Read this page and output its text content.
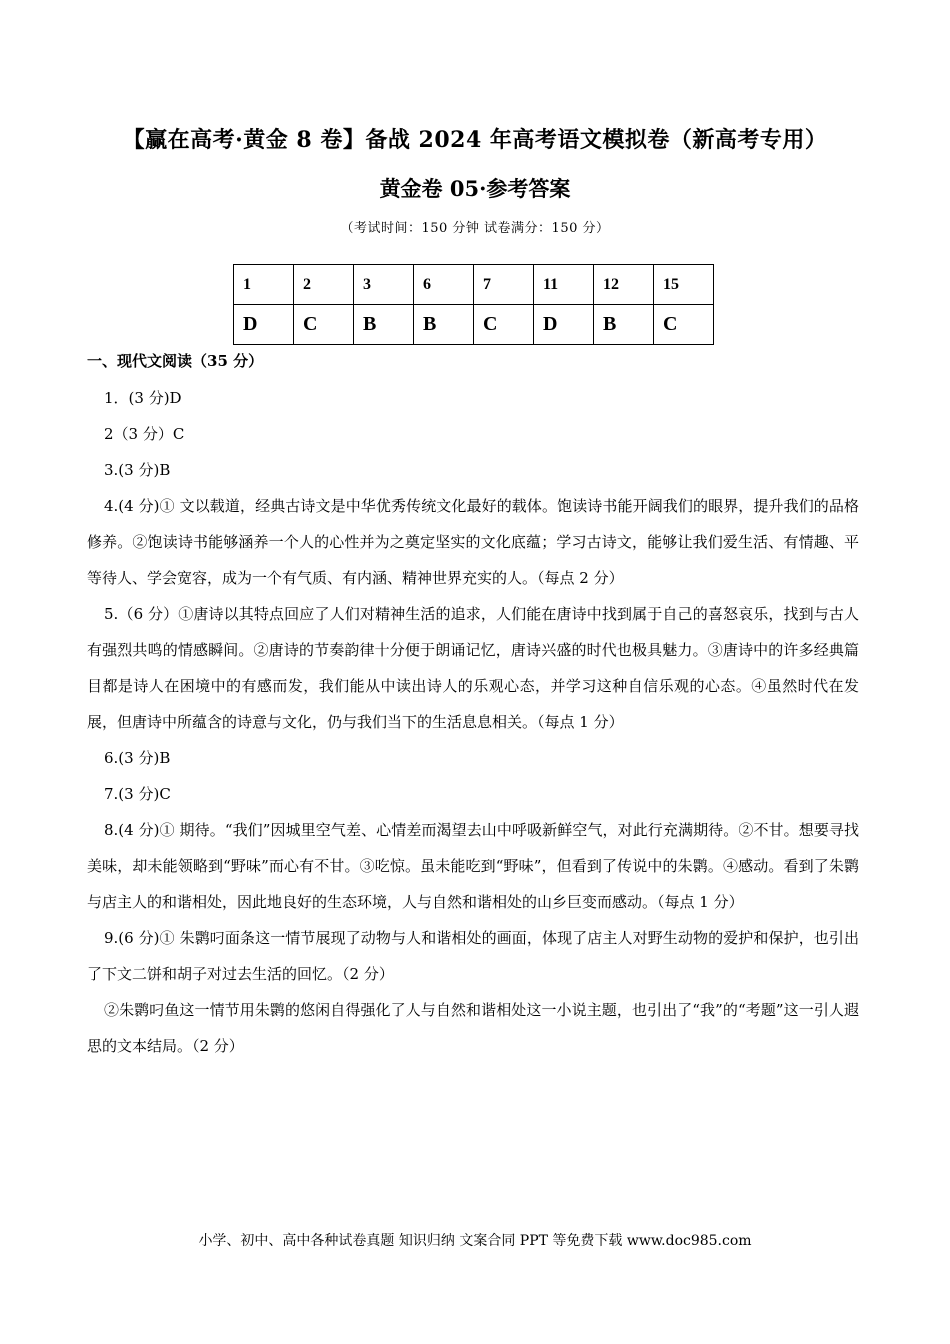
【赢在高考·黄金 8 卷】备战 2024 年高考语文模拟卷（新高考专用）
黄金卷 05·参考答案
（考试时间：150 分钟 试卷满分：150 分）
1	2	3	6	7	11	12	15
D	C	B	B	C	D	B	C
一、现代文阅读（35 分）

1．(3 分)D

2（3 分）C

3.(3 分)B

4.(4 分)① 文以载道，经典古诗文是中华优秀传统文化最好的载体。饱读诗书能开阔我们的眼界，提升我们的品格修养。②饱读诗书能够涵养一个人的心性并为之奠定坚实的文化底蕴；学习古诗文，能够让我们爱生活、有情趣、平等待人、学会宽容，成为一个有气质、有内涵、精神世界充实的人。（每点 2 分）

5.（6 分）①唐诗以其特点回应了人们对精神生活的追求，人们能在唐诗中找到属于自己的喜怒哀乐，找到与古人有强烈共鸣的情感瞬间。②唐诗的节奏韵律十分便于朗诵记忆，唐诗兴盛的时代也极具魅力。③唐诗中的许多经典篇目都是诗人在困境中的有感而发，我们能从中读出诗人的乐观心态，并学习这种自信乐观的心态。④虽然时代在发展，但唐诗中所蕴含的诗意与文化，仍与我们当下的生活息息相关。（每点 1 分）

6.(3 分)B

7.(3 分)C

8.(4 分)① 期待。“我们”因城里空气差、心情差而渴望去山中呼吸新鲜空气，对此行充满期待。②不甘。想要寻找美味，却未能领略到“野味”而心有不甘。③吃惊。虽未能吃到“野味”，但看到了传说中的朱鹮。④感动。看到了朱鹮与店主人的和谐相处，因此地良好的生态环境，人与自然和谐相处的山乡巨变而感动。（每点 1 分）

9.(6 分)① 朱鹮叼面条这一情节展现了动物与人和谐相处的画面，体现了店主人对野生动物的爱护和保护，也引出了下文二饼和胡子对过去生活的回忆。（2 分）

②朱鹮叼鱼这一情节用朱鹮的悠闲自得强化了人与自然和谐相处这一小说主题，也引出了“我”的“考题”这一引人遐思的文本结局。（2 分）

小学、初中、高中各种试卷真题 知识归纳 文案合同 PPT 等免费下载 www.doc985.com
